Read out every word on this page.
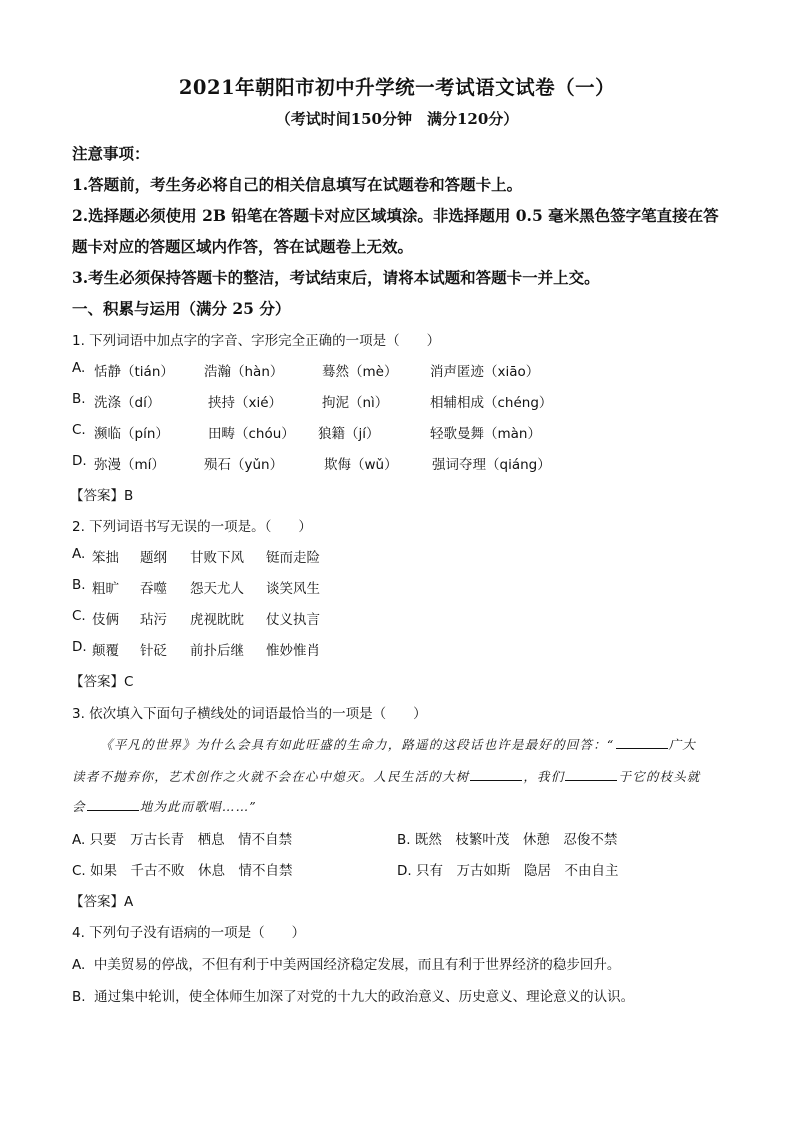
2021年朝阳市初中升学统一考试语文试卷（一）
（考试时间150分钟　满分120分）
注意事项：
1.答题前，考生务必将自己的相关信息填写在试题卷和答题卡上。
2.选择题必须使用 2B 铅笔在答题卡对应区域填涂。非选择题用 0.5 毫米黑色签字笔直接在答
题卡对应的答题区域内作答，答在试题卷上无效。
3.考生必须保持答题卡的整洁，考试结束后，请将本试题和答题卡一并上交。
一、积累与运用（满分 25 分）
1. 下列词语中加点字的字音、字形完全正确的一项是（　　）
A. 恬静（tián） 浩瀚（hàn）	蓦然（mè） 消声匿迹（xiāo）
B. 洗涤（dí）	挟持（xié）	拘泥（nì）	相辅相成（chéng）
C. 濒临（pín）	田畴（chóu） 狼籍（jí）	轻歌曼舞（màn）
D. 弥漫（mí）	殒石（yǔn）	欺侮（wǔ）	强词夺理（qiáng）
【答案】B
2. 下列词语书写无误的一项是。（　　）
A. 笨拙 题纲 甘败下风 铤而走险
B. 粗旷 吞噬 怨天尤人 谈笑风生
C. 伎俩 玷污 虎视眈眈 仗义执言
D. 颠覆 针砭 前扑后继 惟妙惟肖
【答案】C
3. 依次填入下面句子横线处的词语最恰当的一项是（　　）
《平凡的世界》为什么会具有如此旺盛的生命力，路遥的这段话也许是最好的回答：“	广大
读者不抛弃你，艺术创作之火就不会在心中熄灭。人民生活的大树	，我们	于它的枝头就
会	地为此而歌唱……”
A. 只要　万古长青　栖息　情不自禁	B. 既然　枝繁叶茂　休憩　忍俊不禁
C. 如果　千古不败　休息　情不自禁	D. 只有　万古如斯　隐居　不由自主
【答案】A
4. 下列句子没有语病的一项是（　　）
A. 中美贸易的停战，不但有利于中美两国经济稳定发展，而且有利于世界经济的稳步回升。
B. 通过集中轮训，使全体师生加深了对党的十九大的政治意义、历史意义、理论意义的认识。
